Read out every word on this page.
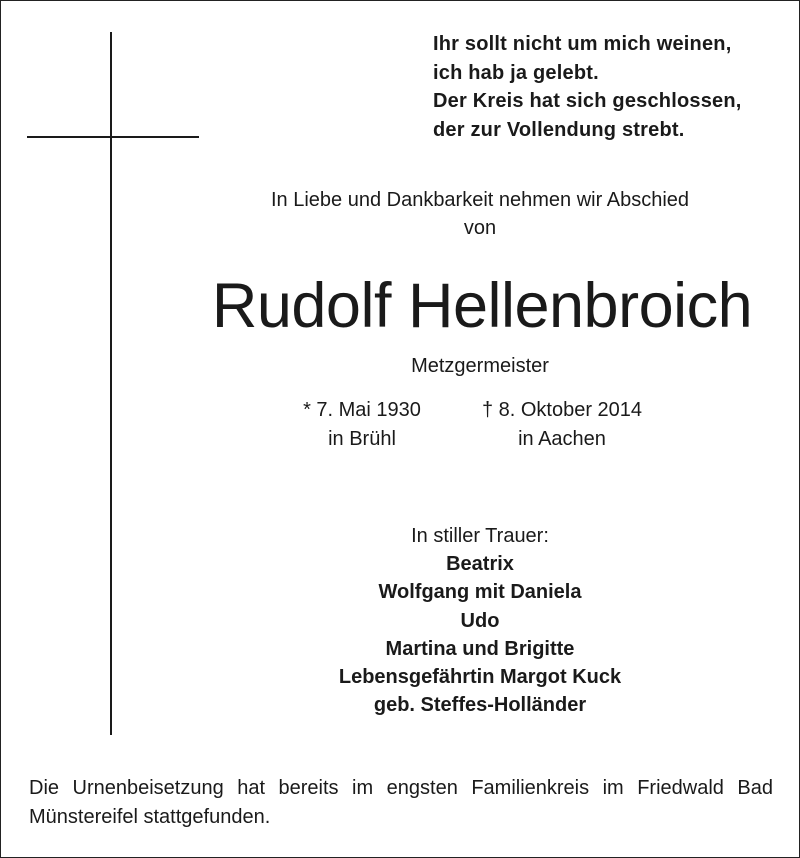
Ihr sollt nicht um mich weinen,
ich hab ja gelebt.
Der Kreis hat sich geschlossen,
der zur Vollendung strebt.
In Liebe und Dankbarkeit nehmen wir Abschied
von
Rudolf Hellenbroich
Metzgermeister
* 7. Mai 1930
in Brühl
† 8. Oktober 2014
in Aachen
In stiller Trauer:
Beatrix
Wolfgang mit Daniela
Udo
Martina und Brigitte
Lebensgefährtin Margot Kuck
geb. Steffes-Holländer
Die Urnenbeisetzung hat bereits im engsten Familienkreis im Friedwald Bad Münstereifel stattgefunden.
